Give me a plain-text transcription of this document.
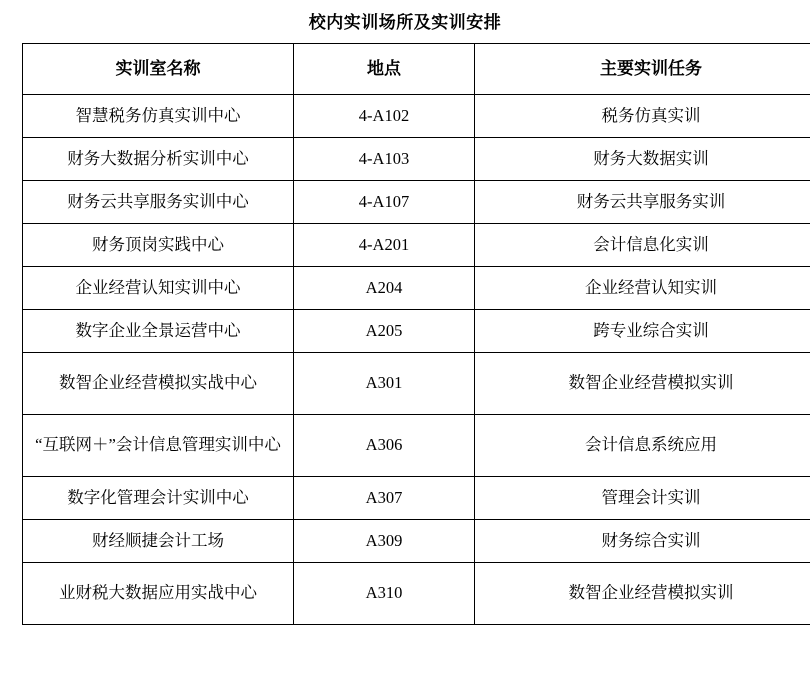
校内实训场所及实训安排
实训室名称	地点	主要实训任务
智慧税务仿真实训中心	4-A102	税务仿真实训
财务大数据分析实训中心	4-A103	财务大数据实训
财务云共享服务实训中心	4-A107	财务云共享服务实训
财务顶岗实践中心	4-A201	会计信息化实训
企业经营认知实训中心	A204	企业经营认知实训
数字企业全景运营中心	A205	跨专业综合实训
数智企业经营模拟实战中心	A301	数智企业经营模拟实训
“互联网＋”会计信息管理实训中心	A306	会计信息系统应用
数字化管理会计实训中心	A307	管理会计实训
财经顺捷会计工场	A309	财务综合实训
业财税大数据应用实战中心	A310	数智企业经营模拟实训
